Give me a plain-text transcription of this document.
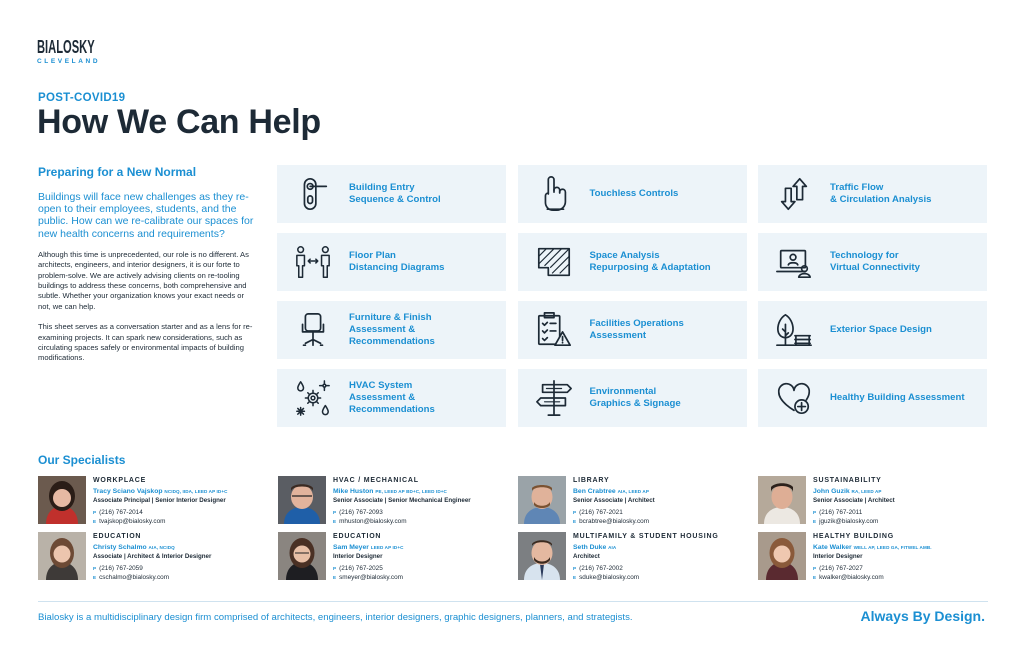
BIALOSKY
CLEVELAND
POST-COVID19
How We Can Help
Preparing for a New Normal

Buildings will face new challenges as they re-open to their employees, students, and the public. How can we re-calibrate our spaces for new health concerns and requirements?

Although this time is unprecedented, our role is no different. As architects, engineers, and interior designers, it is our forte to problem-solve. We are actively advising clients on re-tooling buildings to address these concerns, both comprehensive and subtle. Whether your organization knows your exact needs or not, we can help.

This sheet serves as a conversation starter and as a lens for re-examining projects. It can spark new considerations, such as circulating spaces safely or environmental impacts of building modifications.

Building Entry
Sequence & Control
Touchless Controls
Traffic Flow
& Circulation Analysis
Floor Plan
Distancing Diagrams
Space Analysis
Repurposing & Adaptation
Technology for
Virtual Connectivity
Furniture & Finish
Assessment &
Recommendations
Facilities Operations
Assessment
Exterior Space Design
HVAC System
Assessment &
Recommendations
Environmental
Graphics & Signage
Healthy Building Assessment
Our Specialists
WORKPLACE
Tracy Sciano Vajskop NCIDQ, IIDA, LEED AP ID+C
Associate Principal | Senior Interior Designer
P (216) 767-2014
E tvajskop@bialosky.com
EDUCATION
Christy Schalmo AIA, NCIDQ
Associate | Architect & Interior Designer
P (216) 767-2059
E cschalmo@bialosky.com
HVAC / MECHANICAL
Mike Huston PE, LEED AP BD+C, LEED ID+C
Senior Associate | Senior Mechanical Engineer
P (216) 767-2093
E mhuston@bialosky.com
EDUCATION
Sam Meyer LEED AP ID+C
Interior Designer
P (216) 767-2025
E smeyer@bialosky.com
LIBRARY
Ben Crabtree AIA, LEED AP
Senior Associate | Architect
P (216) 767-2021
E bcrabtree@bialosky.com
MULTIFAMILY & STUDENT HOUSING
Seth Duke AIA
Architect
P (216) 767-2002
E sduke@bialosky.com
SUSTAINABILITY
John Guzik RA, LEED AP
Senior Associate | Architect
P (216) 767-2011
E jguzik@bialosky.com
HEALTHY BUILDING
Kate Walker WELL AP, LEED GA, FITWEL AMB.
Interior Designer
P (216) 767-2027
E kwalker@bialosky.com
Bialosky is a multidisciplinary design firm comprised of architects, engineers, interior designers, graphic designers, planners, and strategists.	Always By Design.
